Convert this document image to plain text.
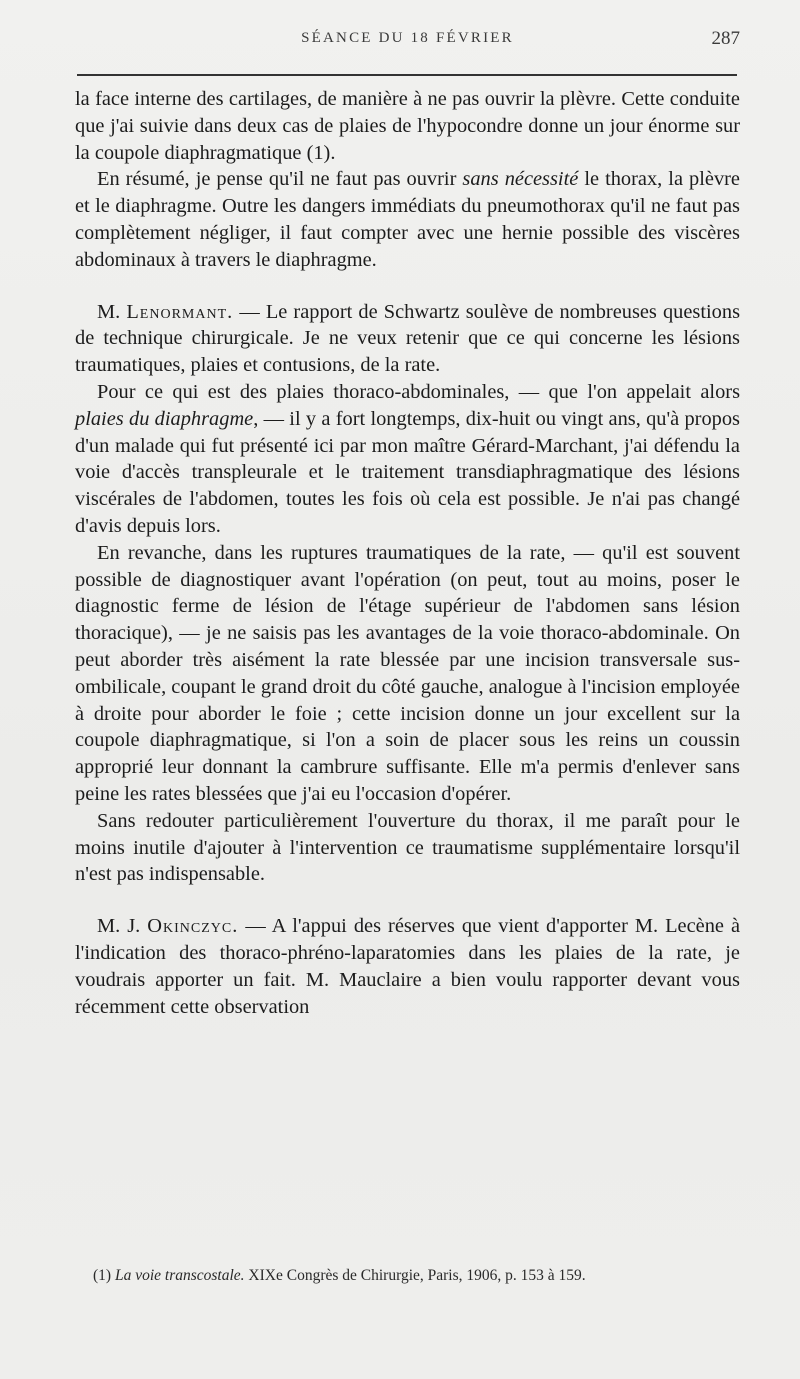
SÉANCE DU 18 FÉVRIER	287

la face interne des cartilages, de manière à ne pas ouvrir la plèvre. Cette conduite que j'ai suivie dans deux cas de plaies de l'hypocondre donne un jour énorme sur la coupole diaphragmatique (1).

En résumé, je pense qu'il ne faut pas ouvrir sans nécessité le thorax, la plèvre et le diaphragme. Outre les dangers immédiats du pneumothorax qu'il ne faut pas complètement négliger, il faut compter avec une hernie possible des viscères abdominaux à travers le diaphragme.

M. Lenormant. — Le rapport de Schwartz soulève de nombreuses questions de technique chirurgicale. Je ne veux retenir que ce qui concerne les lésions traumatiques, plaies et contusions, de la rate.

Pour ce qui est des plaies thoraco-abdominales, — que l'on appelait alors plaies du diaphragme, — il y a fort longtemps, dix-huit ou vingt ans, qu'à propos d'un malade qui fut présenté ici par mon maître Gérard-Marchant, j'ai défendu la voie d'accès transpleurale et le traitement transdiaphragmatique des lésions viscérales de l'abdomen, toutes les fois où cela est possible. Je n'ai pas changé d'avis depuis lors.

En revanche, dans les ruptures traumatiques de la rate, — qu'il est souvent possible de diagnostiquer avant l'opération (on peut, tout au moins, poser le diagnostic ferme de lésion de l'étage supérieur de l'abdomen sans lésion thoracique), — je ne saisis pas les avantages de la voie thoraco-abdominale. On peut aborder très aisément la rate blessée par une incision transversale sus-ombilicale, coupant le grand droit du côté gauche, analogue à l'incision employée à droite pour aborder le foie ; cette incision donne un jour excellent sur la coupole diaphragmatique, si l'on a soin de placer sous les reins un coussin approprié leur donnant la cambrure suffisante. Elle m'a permis d'enlever sans peine les rates blessées que j'ai eu l'occasion d'opérer.

Sans redouter particulièrement l'ouverture du thorax, il me paraît pour le moins inutile d'ajouter à l'intervention ce traumatisme supplémentaire lorsqu'il n'est pas indispensable.

M. J. Okinczyc. — A l'appui des réserves que vient d'apporter M. Lecène à l'indication des thoraco-phréno-laparatomies dans les plaies de la rate, je voudrais apporter un fait. M. Mauclaire a bien voulu rapporter devant vous récemment cette observation

(1) La voie transcostale. XIXe Congrès de Chirurgie, Paris, 1906, p. 153 à 159.
